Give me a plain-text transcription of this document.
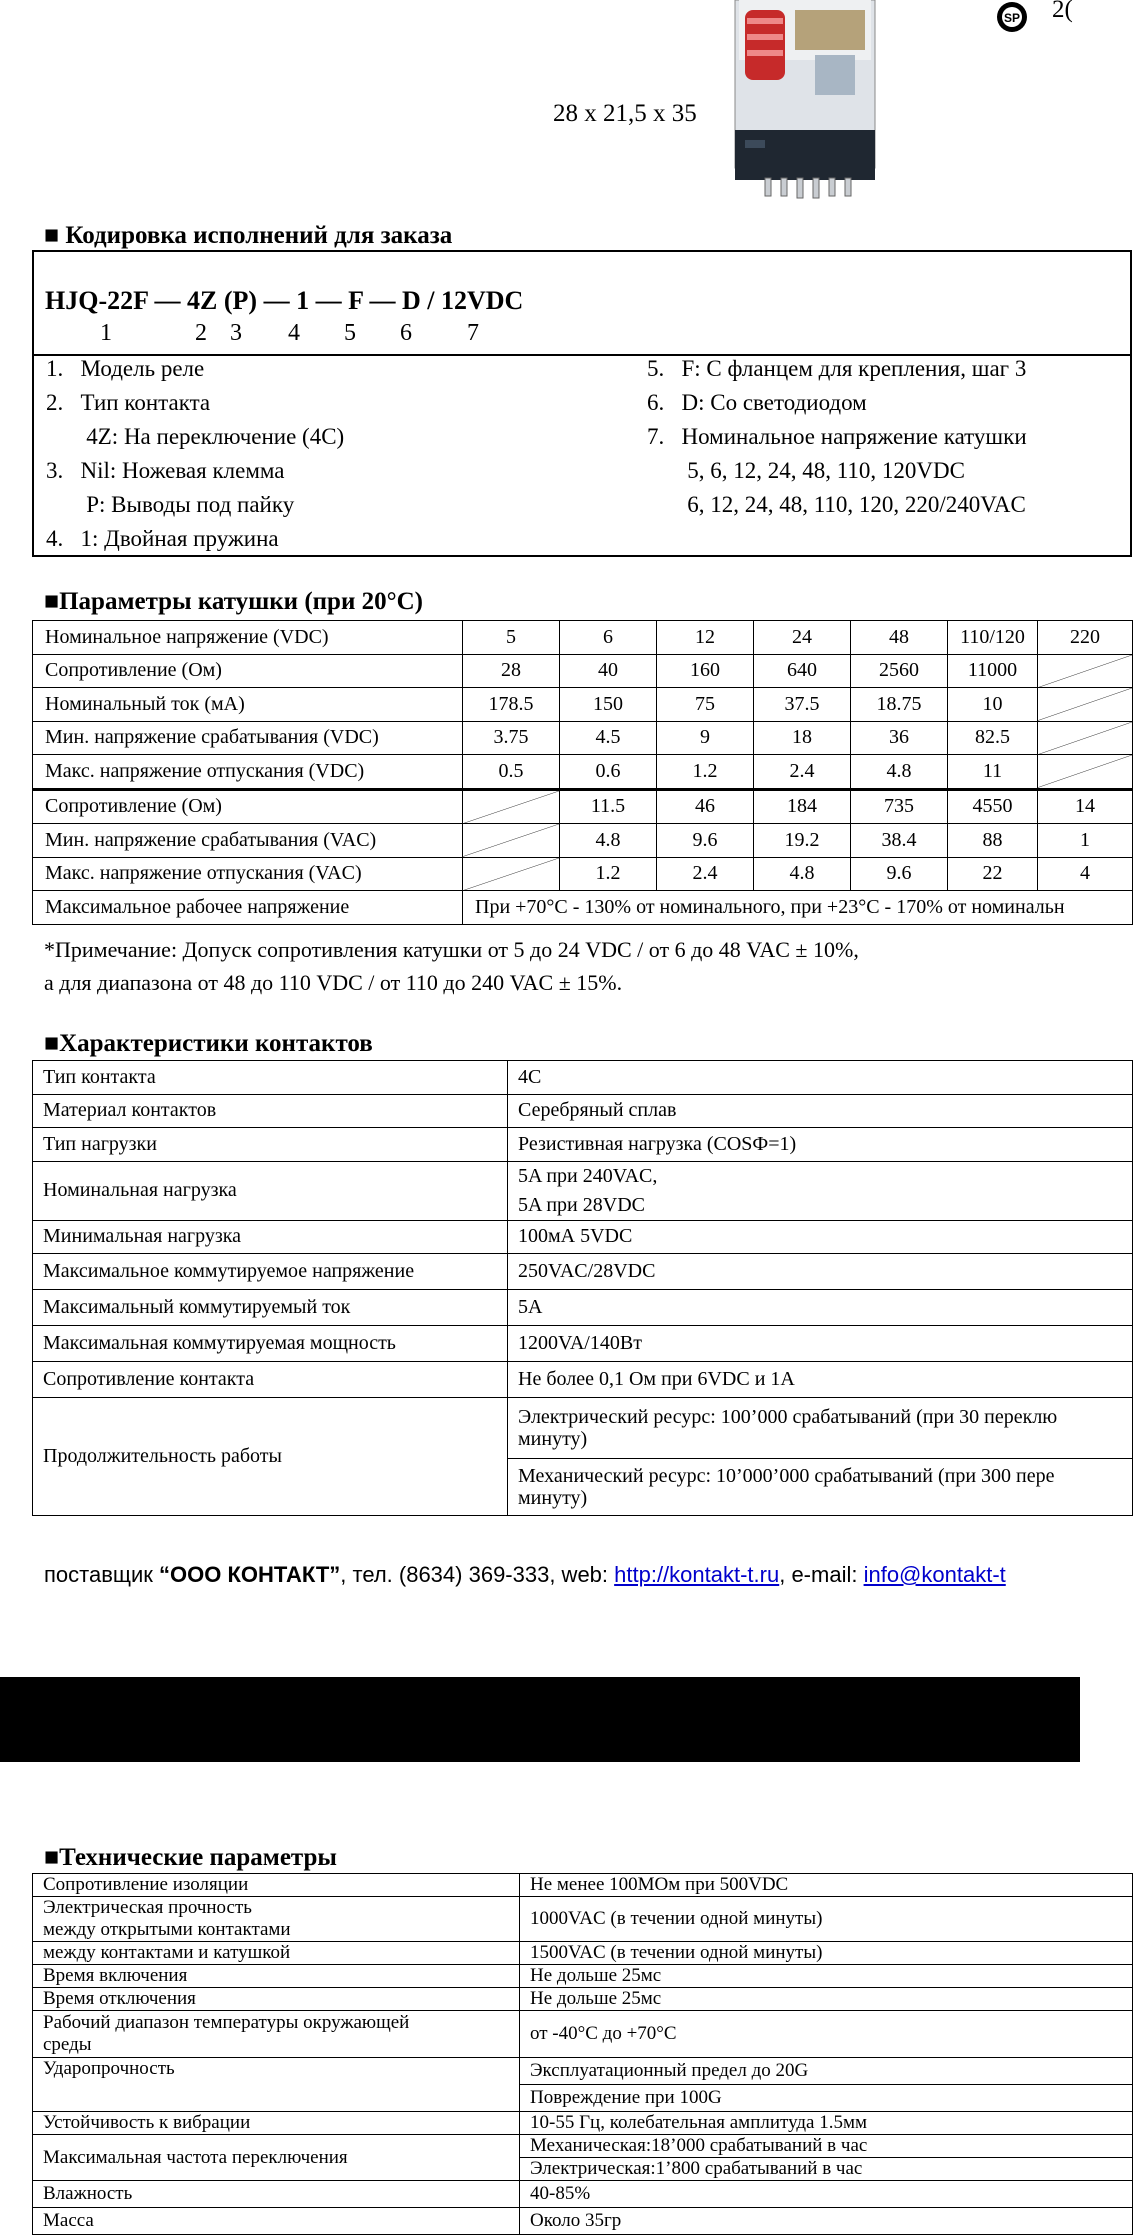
SP 2(
28 x 21,5 x 35
■ Кодировка исполнений для заказа
HJQ-22F — 4Z (P) — 1 — F — D / 12VDC
1	2 3 4 5 6 7
1.   Модель реле
2.   Тип контакта
4Z: На переключение (4C)
3.   Nil: Ножевая клемма
P: Выводы под пайку
4.   1: Двойная пружина
5.   F: С фланцем для крепления, шаг 3
6.   D: Со светодиодом
7.   Номинальное напряжение катушки
5, 6, 12, 24, 48, 110, 120VDC
6, 12, 24, 48, 110, 120, 220/240VAC
■Параметры катушки (при 20°C)
Номинальное напряжение (VDC)	5	6	12	24	48	110/120	220
Сопротивление (Ом)	28	40	160	640	2560	11000	

Номинальный ток (мА)	178.5	150	75	37.5	18.75	10	

Мин. напряжение срабатывания (VDC)	3.75	4.5	9	18	36	82.5	

Макс. напряжение отпускания (VDC)	0.5	0.6	1.2	2.4	4.8	11	

Сопротивление (Ом)		11.5	46	184	735	4550	14
Мин. напряжение срабатывания (VAC)		4.8	9.6	19.2	38.4	88	1
Макс. напряжение отпускания (VAC)		1.2	2.4	4.8	9.6	22	4
Максимальное рабочее напряжение	При +70°C - 130% от номинального, при +23°C - 170% от номинальн						
*Примечание: Допуск сопротивления катушки от 5 до 24 VDC / от 6 до 48 VAC ± 10%,
а для диапазона от 48 до 110 VDC / от 110 до 240 VAC ± 15%.
■Характеристики контактов
Тип контакта	4C
Материал контактов	Серебряный сплав
Тип нагрузки	Резистивная нагрузка (COSФ=1)
Номинальная нагрузка	5A при 240VAC,
5A при 28VDC
Минимальная нагрузка	100мА 5VDC
Максимальное коммутируемое напряжение	250VAC/28VDC
Максимальный коммутируемый ток	5A
Максимальная коммутируемая мощность	1200VA/140Вт
Сопротивление контакта	Не более 0,1 Ом при 6VDC и 1A
Продолжительность работы	Электрический ресурс: 100’000 срабатываний (при 30 переклю
минуту)
	Механический ресурс: 10’000’000 срабатываний (при 300 пере
минуту)
поставщик “ООО КОНТАКТ”, тел. (8634) 369-333, web: http://kontakt-t.ru, e-mail: info@kontakt-t
■Технические параметры
Сопротивление изоляции	Не менее 100МОм при 500VDC
Электрическая прочность
между открытыми контактами	1000VAC (в течении одной минуты)
между контактами и катушкой	1500VAC (в течении одной минуты)
Время включения	Не дольше 25мс
Время отключения	Не дольше 25мс
Рабочий диапазон температуры окружающей
среды	от -40°C до +70°C
Ударопрочность	Эксплуатационный предел до 20G
	Повреждение при 100G
Устойчивость к вибрации	10-55 Гц, колебательная амплитуда 1.5мм
Максимальная частота переключения	Механическая:18’000 срабатываний в час
	Электрическая:1’800 срабатываний в час
Влажность	40-85%
Масса	Около 35гр
